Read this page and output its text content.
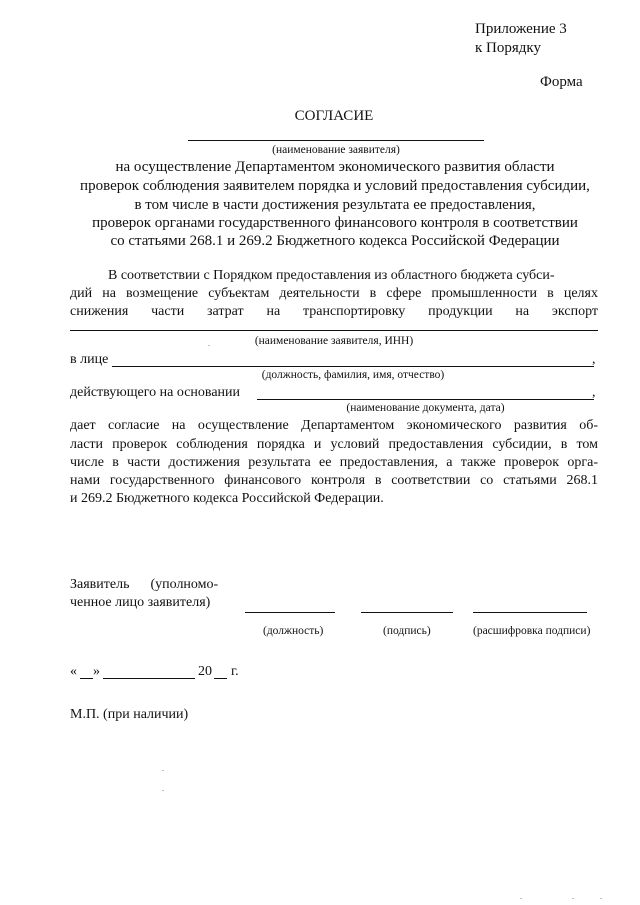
Приложение 3
к Порядку
Форма
СОГЛАСИЕ
(наименование заявителя)
на осуществление Департаментом экономического развития области
проверок соблюдения заявителем порядка и условий предоставления субсидии,
в том числе в части достижения результата ее предоставления,
проверок органами государственного финансового контроля в соответствии
со статьями 268.1 и 269.2 Бюджетного кодекса Российской Федерации
В соответствии с Порядком предоставления из областного бюджета субси-
дий на возмещение субъектам деятельности в сфере промышленности в целях
снижения части затрат на транспортировку продукции на экспорт
(наименование заявителя, ИНН)
в лице	,
(должность, фамилия, имя, отчество)
действующего на основании	,
(наименование документа, дата)
дает согласие на осуществление Департаментом экономического развития об-
ласти проверок соблюдения порядка и условий предоставления субсидии, в том
числе в части достижения результата ее предоставления, а также проверок орга-
нами государственного финансового контроля в соответствии со статьями 268.1
и 269.2 Бюджетного кодекса Российской Федерации.
Заявитель      (уполномо-
ченное лицо заявителя)
(должность)	(подпись)	(расшифровка подписи)
« »	20 г.
М.П. (при наличии)
